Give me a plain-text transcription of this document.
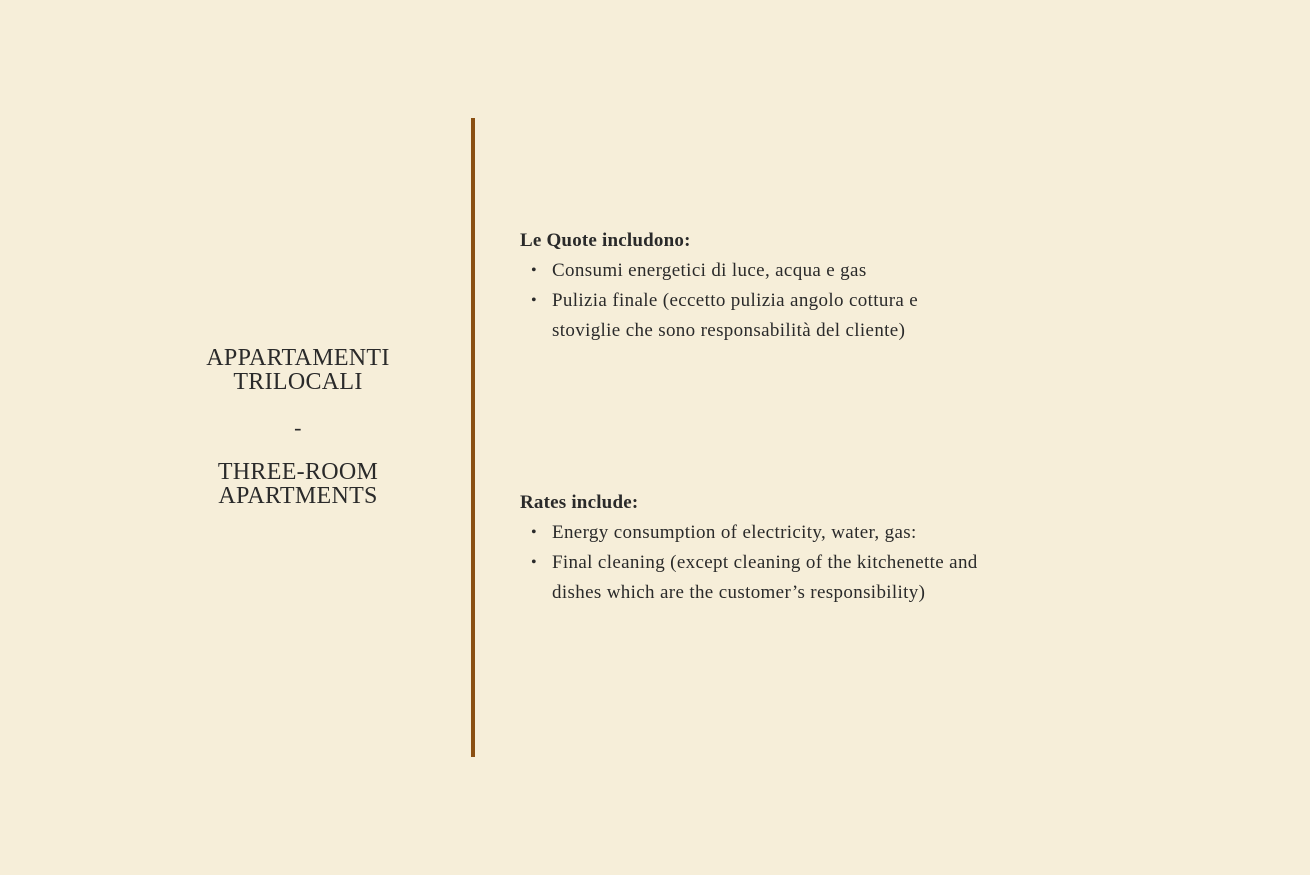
APPARTAMENTI
TRILOCALI
-
THREE-ROOM
APARTMENTS
Le Quote includono:
• Consumi energetici di luce, acqua e gas
• Pulizia finale (eccetto pulizia angolo cottura e stoviglie che sono responsabilità del cliente)
Rates include:
• Energy consumption of electricity, water, gas:
• Final cleaning (except cleaning of the kitchenette and dishes which are the customer’s responsibility)
